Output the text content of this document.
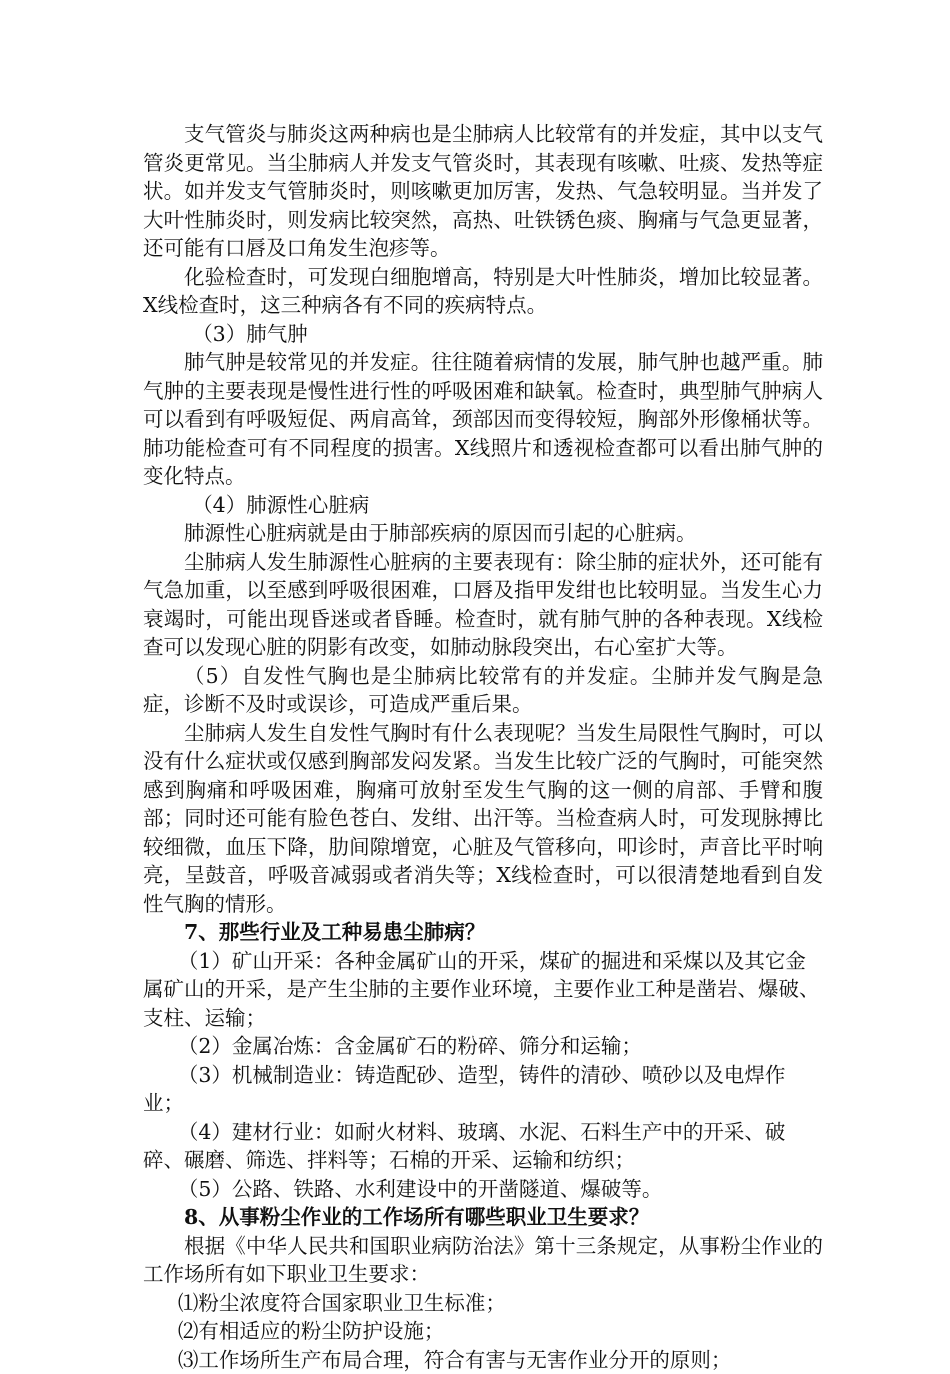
支气管炎与肺炎这两种病也是尘肺病人比较常有的并发症，其中以支气管炎更常见。当尘肺病人并发支气管炎时，其表现有咳嗽、吐痰、发热等症状。如并发支气管肺炎时，则咳嗽更加厉害，发热、气急较明显。当并发了大叶性肺炎时，则发病比较突然，高热、吐铁锈色痰、胸痛与气急更显著，还可能有口唇及口角发生泡疹等。

化验检查时，可发现白细胞增高，特别是大叶性肺炎，增加比较显著。X线检查时，这三种病各有不同的疾病特点。

（3）肺气肿

肺气肿是较常见的并发症。往往随着病情的发展，肺气肿也越严重。肺气肿的主要表现是慢性进行性的呼吸困难和缺氧。检查时，典型肺气肿病人可以看到有呼吸短促、两肩高耸，颈部因而变得较短，胸部外形像桶状等。肺功能检查可有不同程度的损害。X线照片和透视检查都可以看出肺气肿的变化特点。

（4）肺源性心脏病

肺源性心脏病就是由于肺部疾病的原因而引起的心脏病。

尘肺病人发生肺源性心脏病的主要表现有：除尘肺的症状外，还可能有气急加重，以至感到呼吸很困难，口唇及指甲发绀也比较明显。当发生心力衰竭时，可能出现昏迷或者昏睡。检查时，就有肺气肿的各种表现。X线检查可以发现心脏的阴影有改变，如肺动脉段突出，右心室扩大等。

（5）自发性气胸也是尘肺病比较常有的并发症。尘肺并发气胸是急症，诊断不及时或误诊，可造成严重后果。

尘肺病人发生自发性气胸时有什么表现呢？当发生局限性气胸时，可以没有什么症状或仅感到胸部发闷发紧。当发生比较广泛的气胸时，可能突然感到胸痛和呼吸困难，胸痛可放射至发生气胸的这一侧的肩部、手臂和腹部；同时还可能有脸色苍白、发绀、出汗等。当检查病人时，可发现脉搏比较细微，血压下降，肋间隙增宽，心脏及气管移向，叩诊时，声音比平时响亮，呈鼓音，呼吸音减弱或者消失等；X线检查时，可以很清楚地看到自发性气胸的情形。

7、那些行业及工种易患尘肺病？

（1）矿山开采：各种金属矿山的开采，煤矿的掘进和采煤以及其它金属矿山的开采，是产生尘肺的主要作业环境，主要作业工种是凿岩、爆破、支柱、运输；

（2）金属冶炼：含金属矿石的粉碎、筛分和运输；

（3）机械制造业：铸造配砂、造型，铸件的清砂、喷砂以及电焊作业；

（4）建材行业：如耐火材料、玻璃、水泥、石料生产中的开采、破碎、碾磨、筛选、拌料等；石棉的开采、运输和纺织；

（5）公路、铁路、水利建设中的开凿隧道、爆破等。

8、从事粉尘作业的工作场所有哪些职业卫生要求？

根据《中华人民共和国职业病防治法》第十三条规定，从事粉尘作业的工作场所有如下职业卫生要求：

⑴粉尘浓度符合国家职业卫生标准；

⑵有相适应的粉尘防护设施；

⑶工作场所生产布局合理，符合有害与无害作业分开的原则；
